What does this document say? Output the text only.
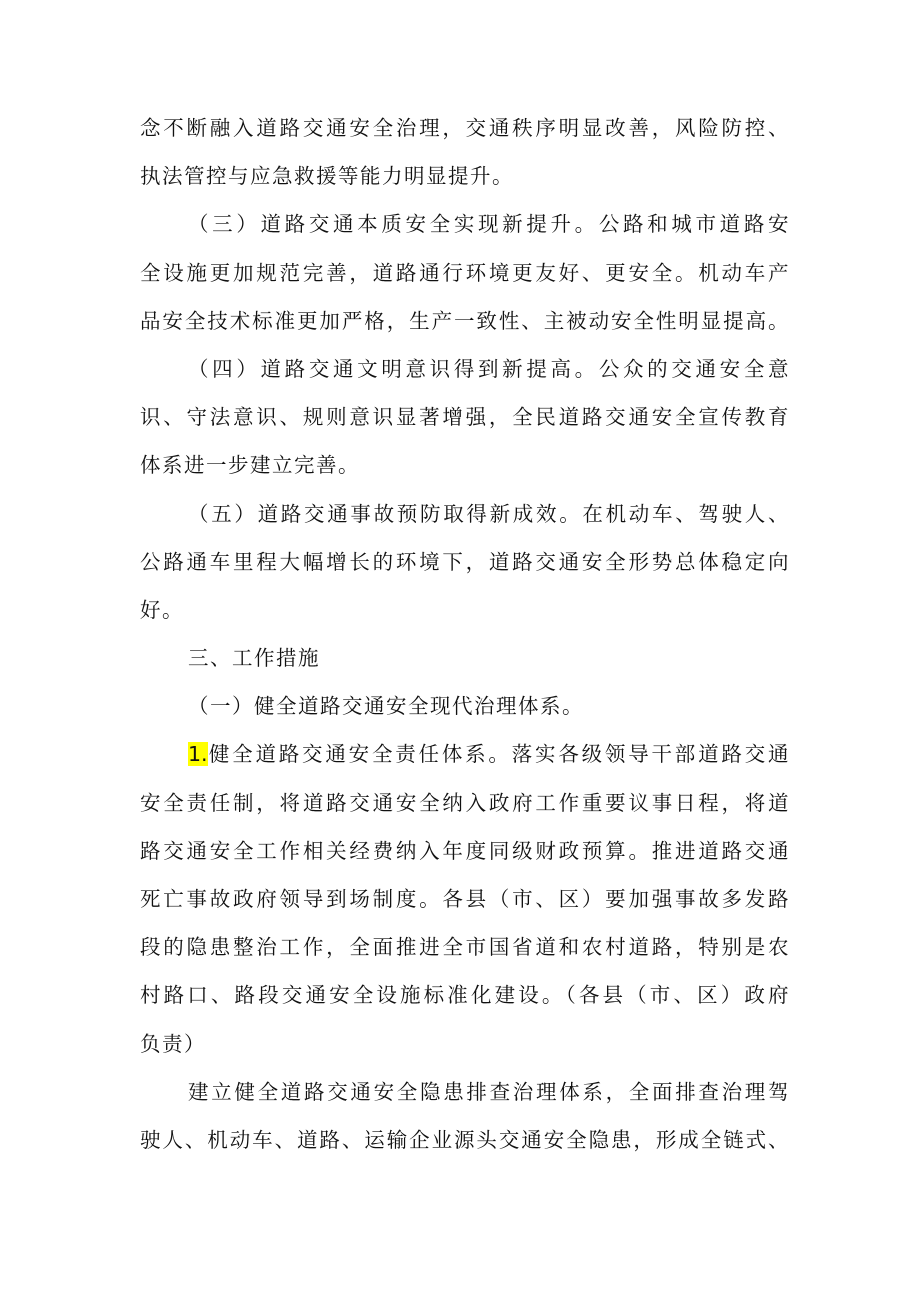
念不断融入道路交通安全治理，交通秩序明显改善，风险防控、
执法管控与应急救援等能力明显提升。
（三）道路交通本质安全实现新提升。公路和城市道路安
全设施更加规范完善，道路通行环境更友好、更安全。机动车产
品安全技术标准更加严格，生产一致性、主被动安全性明显提高。
（四）道路交通文明意识得到新提高。公众的交通安全意
识、守法意识、规则意识显著增强，全民道路交通安全宣传教育
体系进一步建立完善。
（五）道路交通事故预防取得新成效。在机动车、驾驶人、
公路通车里程大幅增长的环境下，道路交通安全形势总体稳定向
好。
三、工作措施
（一）健全道路交通安全现代治理体系。
1.健全道路交通安全责任体系。落实各级领导干部道路交通
安全责任制，将道路交通安全纳入政府工作重要议事日程，将道
路交通安全工作相关经费纳入年度同级财政预算。推进道路交通
死亡事故政府领导到场制度。各县（市、区）要加强事故多发路
段的隐患整治工作，全面推进全市国省道和农村道路，特别是农
村路口、路段交通安全设施标准化建设。（各县（市、区）政府
负责）
建立健全道路交通安全隐患排查治理体系，全面排查治理驾
驶人、机动车、道路、运输企业源头交通安全隐患，形成全链式、
